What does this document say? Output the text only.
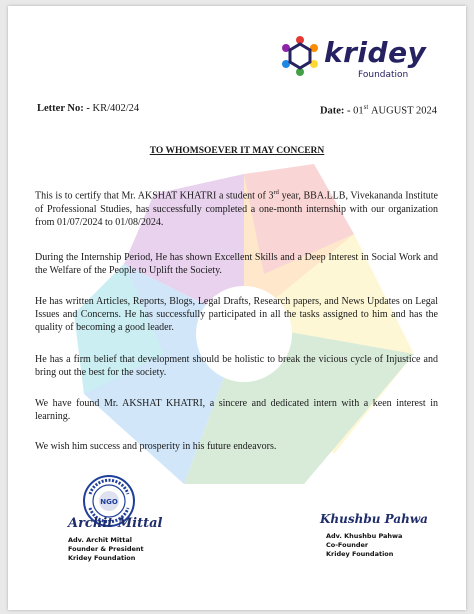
kridey
Foundation
Letter No: - KR/402/24	Date: - 01st AUGUST 2024
TO WHOMSOEVER IT MAY CONCERN

This is to certify that Mr. AKSHAT KHATRI a student of 3rd year, BBA.LLB, Vivekananda Institute of Professional Studies, has successfully completed a one-month internship with our organization from 01/07/2024 to 01/08/2024.

During the Internship Period, He has shown Excellent Skills and a Deep Interest in Social Work and the Welfare of the People to Uplift the Society.

He has written Articles, Reports, Blogs, Legal Drafts, Research papers, and News Updates on Legal Issues and Concerns. He has successfully participated in all the tasks assigned to him and has the quality of becoming a good leader.

He has a firm belief that development should be holistic to break the vicious cycle of Injustice and bring out the best for the society.

We have found Mr. AKSHAT KHATRI, a sincere and dedicated intern with a keen interest in learning.

We wish him success and prosperity in his future endeavors.

NGO
Archit Mittal
Adv. Archit Mittal
Founder & President
Kridey Foundation
Khushbu Pahwa
Adv. Khushbu Pahwa
Co-Founder
Kridey Foundation
